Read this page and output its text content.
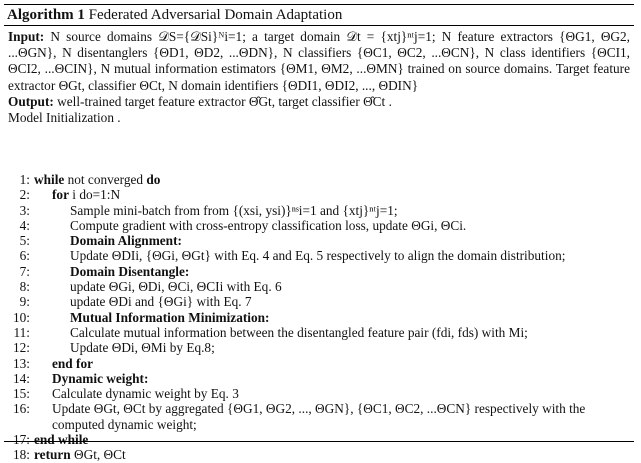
Algorithm 1 Federated Adversarial Domain Adaptation
Input: N source domains 𝒟S={𝒟Si}ᴺi=1; a target domain 𝒟t = {xtj}ⁿᵗj=1; N feature extractors {ΘG1, ΘG2, ...ΘGN}, N disentanglers {ΘD1, ΘD2, ...ΘDN}, N classifiers {ΘC1, ΘC2, ...ΘCN}, N class identifiers {ΘCI1, ΘCI2, ...ΘCIN}, N mutual information estimators {ΘM1, ΘM2, ...ΘMN} trained on source domains. Target feature extractor ΘGt, classifier ΘCt, N domain identifiers {ΘDI1, ΘDI2, ..., ΘDIN}
Output: well-trained target feature extractor Θ̂Gt, target classifier Θ̂Ct .
Model Initialization .
1: while not converged do
2: for i do=1:N
3:	Sample mini-batch from from {(xsi, ysi)}ⁿˢi=1 and {xtj}ⁿᵗj=1;
4:	Compute gradient with cross-entropy classification loss, update ΘGi, ΘCi.
5:	Domain Alignment:
6:	Update ΘDIi, {ΘGi, ΘGt} with Eq. 4 and Eq. 5 respectively to align the domain distribution;
7:	Domain Disentangle:
8:	update ΘGi, ΘDi, ΘCi, ΘCIi with Eq. 6
9:	update ΘDi and {ΘGi} with Eq. 7
10:	Mutual Information Minimization:
11:	Calculate mutual information between the disentangled feature pair (fdi, fds) with Mi;
12:	Update ΘDi, ΘMi by Eq.8;
13: end for
14: Dynamic weight:
15: Calculate dynamic weight by Eq. 3
16: Update ΘGt, ΘCt by aggregated {ΘG1, ΘG2, ..., ΘGN}, {ΘC1, ΘC2, ...ΘCN} respectively with the computed dynamic weight;
17: end while
18: return ΘGt, ΘCt
